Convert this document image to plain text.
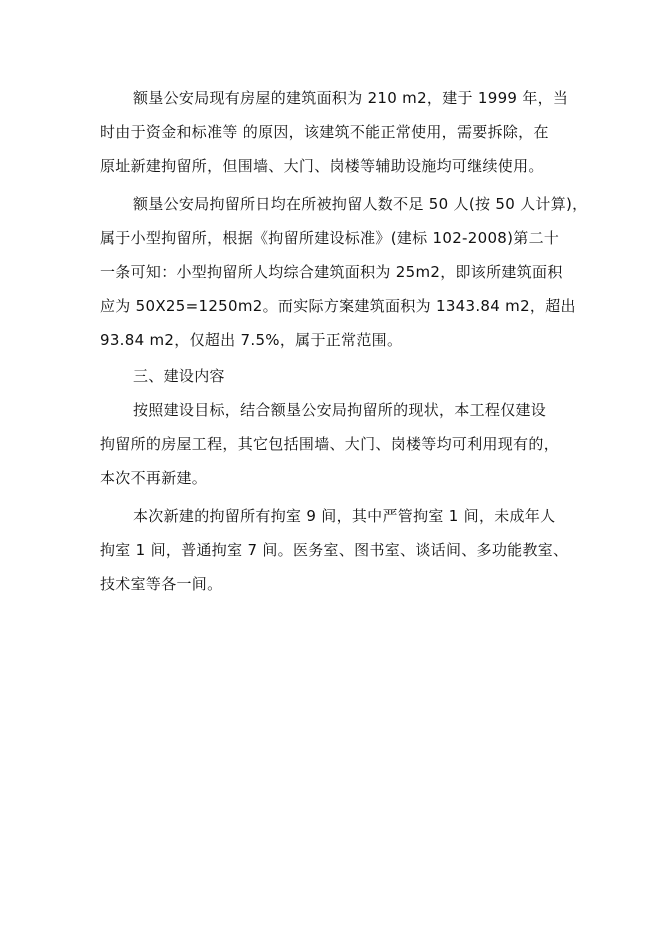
额垦公安局现有房屋的建筑面积为 210 m2，建于 1999 年，当
时由于资金和标准等 的原因，该建筑不能正常使用，需要拆除，在
原址新建拘留所，但围墙、大门、岗楼等辅助设施均可继续使用。
额垦公安局拘留所日均在所被拘留人数不足 50 人(按 50 人计算)，
属于小型拘留所，根据《拘留所建设标准》(建标 102-2008)第二十
一条可知：小型拘留所人均综合建筑面积为 25m2，即该所建筑面积
应为 50X25=1250m2。而实际方案建筑面积为 1343.84 m2，超出
93.84 m2，仅超出 7.5%，属于正常范围。
三、建设内容
按照建设目标，结合额垦公安局拘留所的现状，本工程仅建设
拘留所的房屋工程，其它包括围墙、大门、岗楼等均可利用现有的，
本次不再新建。
本次新建的拘留所有拘室 9 间，其中严管拘室 1 间，未成年人
拘室 1 间，普通拘室 7 间。医务室、图书室、谈话间、多功能教室、
技术室等各一间。
